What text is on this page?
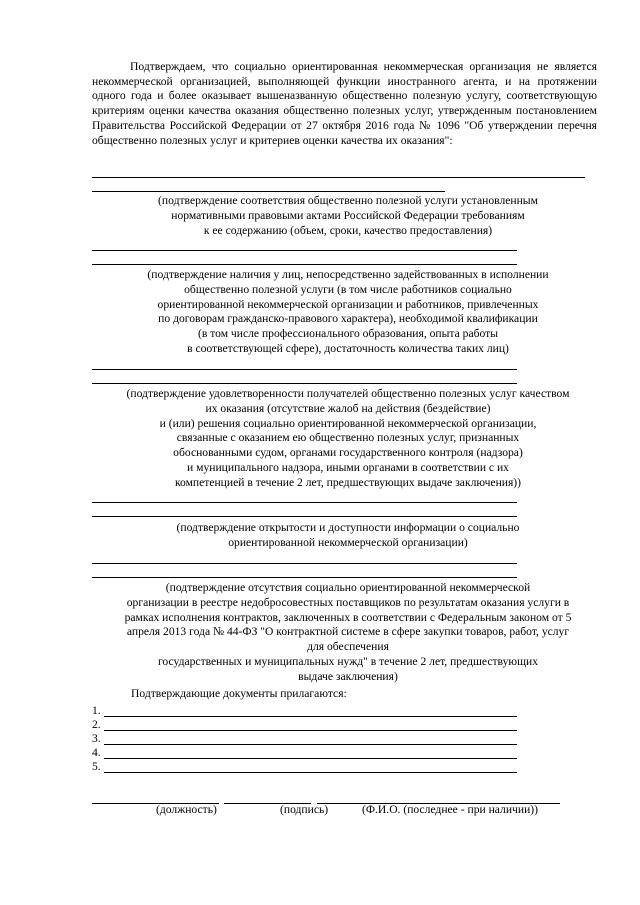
Подтверждаем, что социально ориентированная некоммерческая организация не является некоммерческой организацией, выполняющей функции иностранного агента, и на протяжении одного года и более оказывает вышеназванную общественно полезную услугу, соответствующую критериям оценки качества оказания общественно полезных услуг, утвержденным постановлением Правительства Российской Федерации от 27 октября 2016 года № 1096 "Об утверждении перечня общественно полезных услуг и критериев оценки качества их оказания":

(подтверждение соответствия общественно полезной услуги установленным
нормативными правовыми актами Российской Федерации требованиям
к ее содержанию (объем, сроки, качество предоставления)
(подтверждение наличия у лиц, непосредственно задействованных в исполнении
общественно полезной услуги (в том числе работников социально
ориентированной некоммерческой организации и работников, привлеченных
по договорам гражданско-правового характера), необходимой квалификации
(в том числе профессионального образования, опыта работы
в соответствующей сфере), достаточность количества таких лиц)
(подтверждение удовлетворенности получателей общественно полезных услуг качеством
их оказания (отсутствие жалоб на действия (бездействие)
и (или) решения социально ориентированной некоммерческой организации,
связанные с оказанием ею общественно полезных услуг, признанных
обоснованными судом, органами государственного контроля (надзора)
и муниципального надзора, иными органами в соответствии с их
компетенцией в течение 2 лет, предшествующих выдаче заключения))
(подтверждение открытости и доступности информации о социально
ориентированной некоммерческой организации)
(подтверждение отсутствия социально ориентированной некоммерческой
организации в реестре недобросовестных поставщиков по результатам оказания услуги в
рамках исполнения контрактов, заключенных в соответствии с Федеральным законом от 5
апреля 2013 года № 44-ФЗ "О контрактной системе в сфере закупки товаров, работ, услуг
для обеспечения
государственных и муниципальных нужд" в течение 2 лет, предшествующих
выдаче заключения)

Подтверждающие документы прилагаются:

1.
2.
3.
4.
5.

(должность)	(подпись)	(Ф.И.О. (последнее - при наличии))
